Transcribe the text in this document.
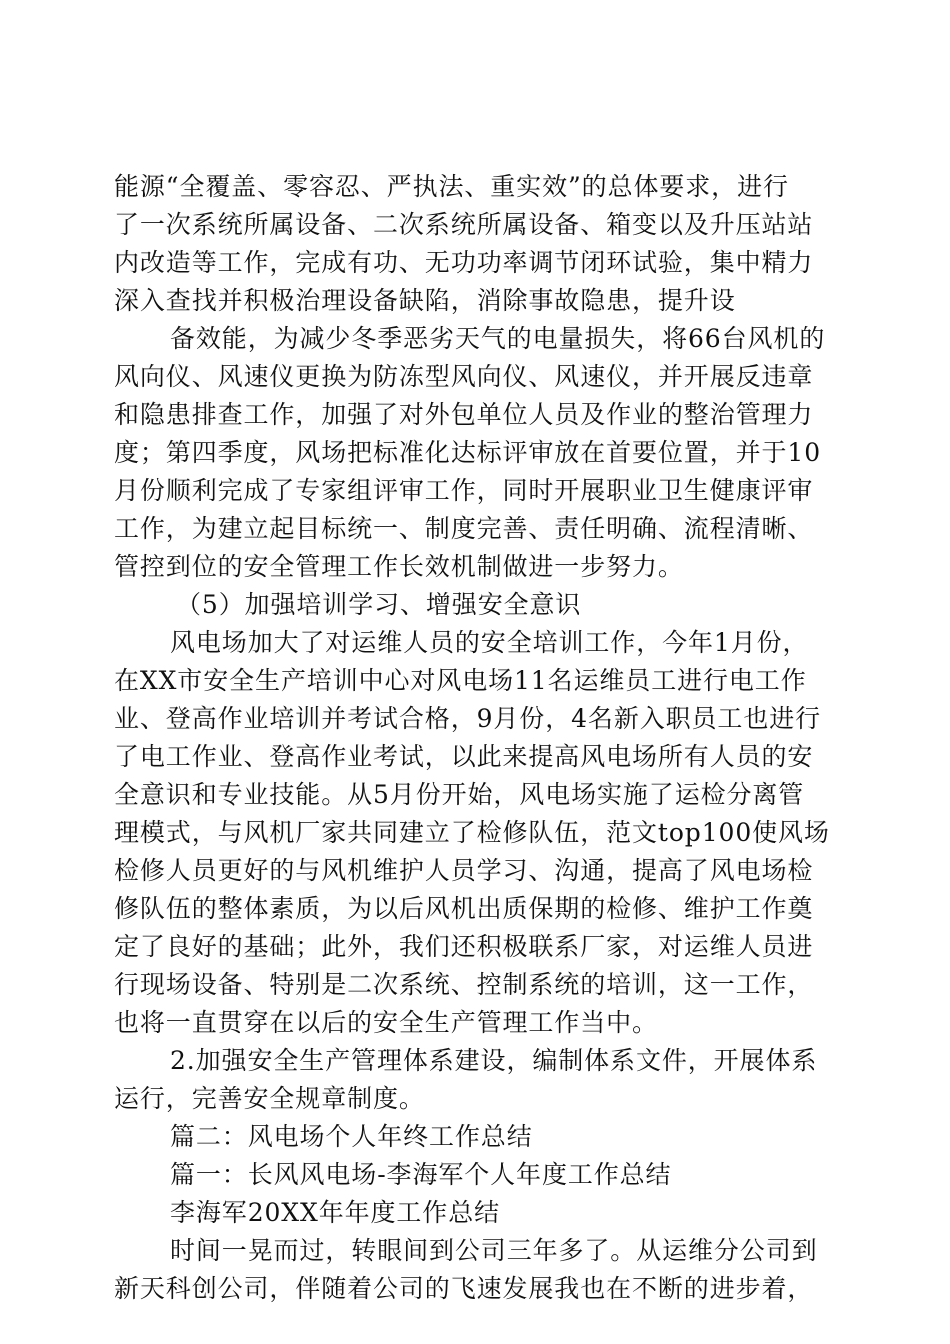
能源“全覆盖、零容忍、严执法、重实效”的总体要求，进行
了一次系统所属设备、二次系统所属设备、箱变以及升压站站
内改造等工作，完成有功、无功功率调节闭环试验，集中精力
深入查找并积极治理设备缺陷，消除事故隐患，提升设
备效能，为减少冬季恶劣天气的电量损失，将66台风机的
风向仪、风速仪更换为防冻型风向仪、风速仪，并开展反违章
和隐患排查工作，加强了对外包单位人员及作业的整治管理力
度；第四季度，风场把标准化达标评审放在首要位置，并于10
月份顺利完成了专家组评审工作，同时开展职业卫生健康评审
工作，为建立起目标统一、制度完善、责任明确、流程清晰、
管控到位的安全管理工作长效机制做进一步努力。
（5）加强培训学习、增强安全意识
风电场加大了对运维人员的安全培训工作，今年1月份，
在XX市安全生产培训中心对风电场11名运维员工进行电工作
业、登高作业培训并考试合格，9月份，4名新入职员工也进行
了电工作业、登高作业考试，以此来提高风电场所有人员的安
全意识和专业技能。从5月份开始，风电场实施了运检分离管
理模式，与风机厂家共同建立了检修队伍，范文top100使风场
检修人员更好的与风机维护人员学习、沟通，提高了风电场检
修队伍的整体素质，为以后风机出质保期的检修、维护工作奠
定了良好的基础；此外，我们还积极联系厂家，对运维人员进
行现场设备、特别是二次系统、控制系统的培训，这一工作，
也将一直贯穿在以后的安全生产管理工作当中。
2.加强安全生产管理体系建设，编制体系文件，开展体系
运行，完善安全规章制度。
篇二：风电场个人年终工作总结
篇一：长风风电场-李海军个人年度工作总结
李海军20XX年年度工作总结
时间一晃而过，转眼间到公司三年多了。从运维分公司到
新天科创公司，伴随着公司的飞速发展我也在不断的进步着，
